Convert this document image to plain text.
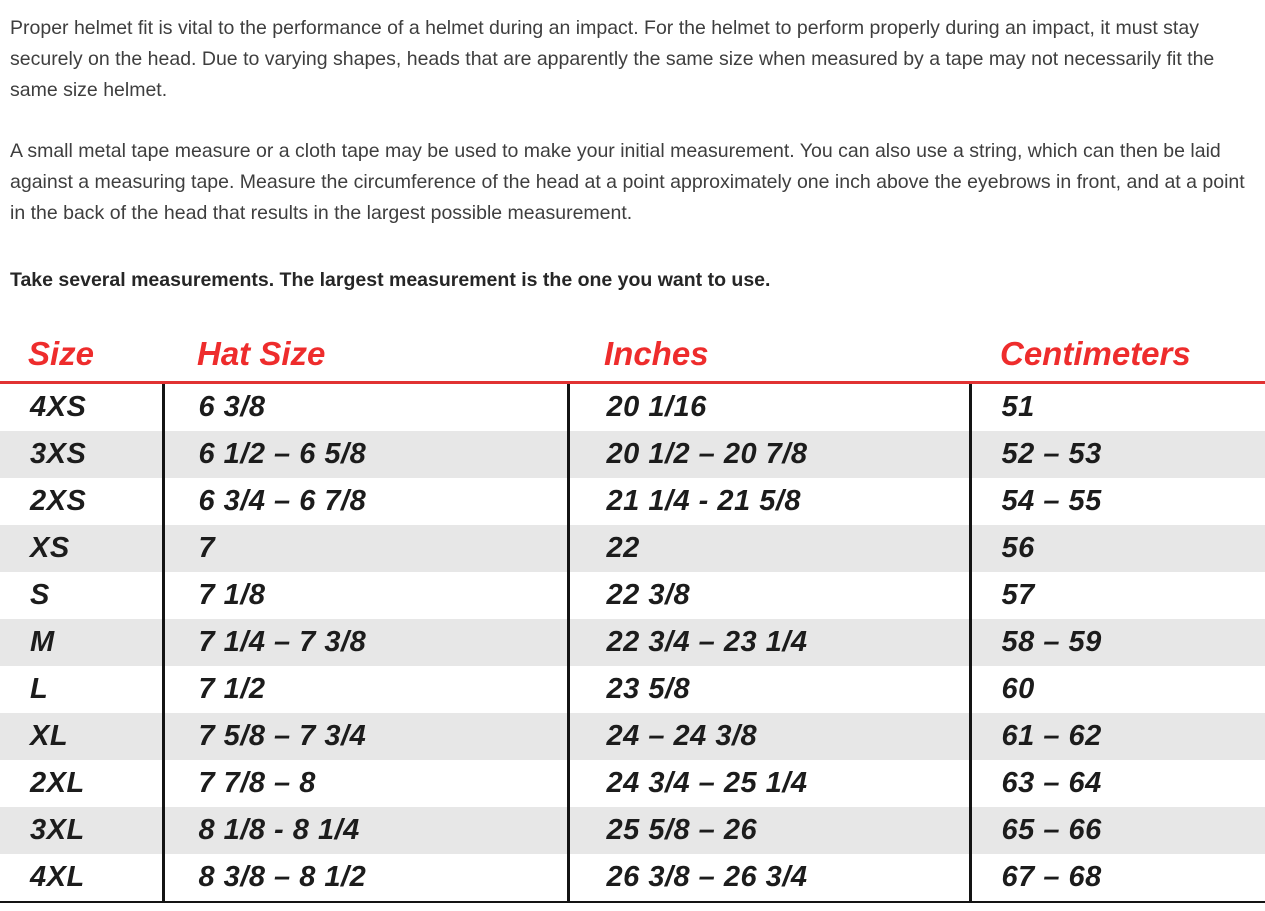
Proper helmet fit is vital to the performance of a helmet during an impact. For the helmet to perform properly during an impact, it must stay securely on the head. Due to varying shapes, heads that are apparently the same size when measured by a tape may not necessarily fit the same size helmet.

A small metal tape measure or a cloth tape may be used to make your initial measurement. You can also use a string, which can then be laid against a measuring tape. Measure the circumference of the head at a point approximately one inch above the eyebrows in front, and at a point in the back of the head that results in the largest possible measurement.

Take several measurements. The largest measurement is the one you want to use.

Size	Hat Size	Inches	Centimeters
4XS	6 3/8	20 1/16	51
3XS	6 1/2 – 6 5/8	20 1/2 – 20 7/8	52 – 53
2XS	6 3/4 – 6 7/8	21 1/4 - 21 5/8	54 – 55
XS	7	22	56
S	7 1/8	22 3/8	57
M	7 1/4 – 7 3/8	22 3/4 – 23 1/4	58 – 59
L	7 1/2	23 5/8	60
XL	7 5/8 – 7 3/4	24 – 24 3/8	61 – 62
2XL	7 7/8 – 8	24 3/4 – 25 1/4	63 – 64
3XL	8 1/8 - 8 1/4	25 5/8 – 26	65 – 66
4XL	8 3/8 – 8 1/2	26 3/8 – 26 3/4	67 – 68
